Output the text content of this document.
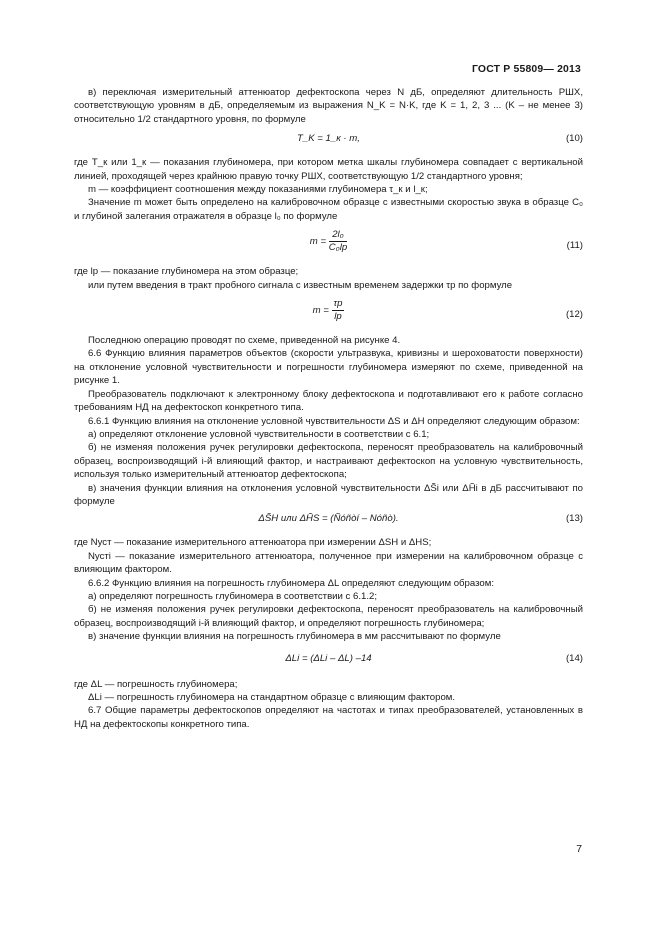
ГОСТ Р 55809— 2013

в) переключая измерительный аттенюатор дефектоскопа через N дБ, определяют длительность РШХ, соответствующую уровням в дБ, определяемым из выражения N_K = N·K, где K = 1, 2, 3 ... (K – не менее 3) относительно 1/2 стандартного уровня, по формуле

T_K = 1_к · m,	(10)

где T_к или 1_к — показания глубиномера, при котором метка шкалы глубиномера совпадает с вертикальной линией, проходящей через крайнюю правую точку РШХ, соответствующую 1/2 стандартного уровня;

m — коэффициент соотношения между показаниями глубиномера τ_к и l_к;

Значение m может быть определено на калибровочном образце с известными скоростью звука в образце C₀ и глубиной залегания отражателя в образце l₀ по формуле

$m = \frac{\text{2l₀}}{\text{C₀lр}}$	(11)

где lр — показание глубиномера на этом образце;

или путем введения в тракт пробного сигнала с известным временем задержки τр по формуле

$m = \frac{\tau р}{lр}$	(12)

Последнюю операцию проводят по схеме, приведенной на рисунке 4.

6.6 Функцию влияния параметров объектов (скорости ультразвука, кривизны и шероховатости поверхности) на отклонение условной чувствительности и погрешности глубиномера измеряют по схеме, приведенной на рисунке 1.

Преобразователь подключают к электронному блоку дефектоскопа и подготавливают его к работе согласно требованиям НД на дефектоскоп конкретного типа.

6.6.1 Функцию влияния на отклонение условной чувствительности ΔS и ΔH определяют следующим образом:

а) определяют отклонение условной чувствительности в соответствии с 6.1;

б) не изменяя положения ручек регулировки дефектоскопа, переносят преобразователь на калибровочный образец, воспроизводящий i-й влияющий фактор, и настраивают дефектоскоп на условную чувствительность, используя только измерительный аттенюатор дефектоскопа;

в) значения функции влияния на отклонения условной чувствительности ΔS̃i или ΔH̃i в дБ рассчитывают по формуле

ΔS̃Н или ΔH̃S = (Ñóñòí – Nóñò).	(13)

где Nуст — показание измерительного аттенюатора при измерении ΔSН и ΔHS;

Nустi — показание измерительного аттенюатора, полученное при измерении на калибровочном образце с влияющим фактором.

6.6.2 Функцию влияния на погрешность глубиномера ΔL определяют следующим образом:

а) определяют погрешность глубиномера в соответствии с 6.1.2;

б) не изменяя положения ручек регулировки дефектоскопа, переносят преобразователь на калибровочный образец, воспроизводящий i-й влияющий фактор, и определяют погрешность глубиномера;

в) значение функции влияния на погрешность глубиномера в мм рассчитывают по формуле

ΔLi = (ΔLi – ΔL) –14	(14)

где ΔL — погрешность глубиномера;

ΔLi — погрешность глубиномера на стандартном образце с влияющим фактором.

6.7 Общие параметры дефектоскопов определяют на частотах и типах преобразователей, установленных в НД на дефектоскопы конкретного типа.

7
